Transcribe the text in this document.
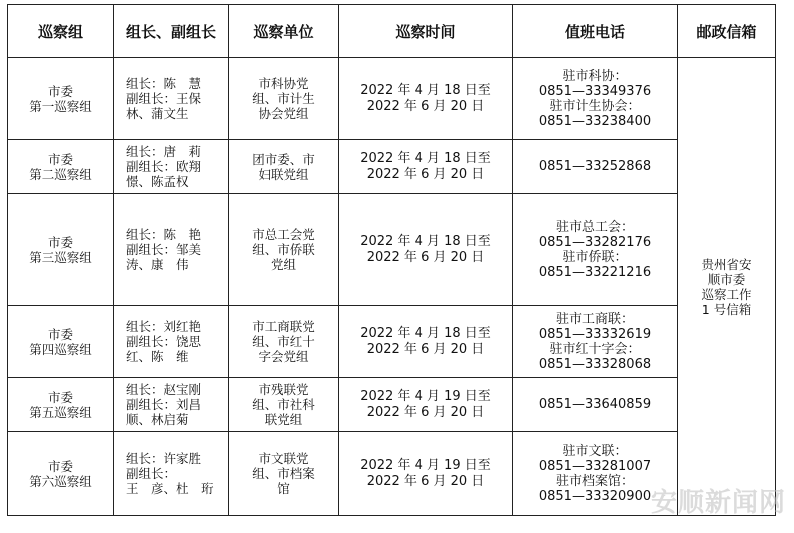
巡察组	组长、副组长	巡察单位	巡察时间	值班电话	邮政信箱

市委
第一巡察组	组长：陈　慧
副组长：王保
林、蒲文生	市科协党
组、市计生
协会党组	2022 年 4 月 18 日至
2022 年 6 月 20 日	驻市科协：
0851—33349376
驻市计生协会：
0851—33238400	贵州省安
顺市委
巡察工作
1 号信箱

市委
第二巡察组	组长：唐　莉
副组长：欧翔
憬、陈孟权	团市委、市
妇联党组	2022 年 4 月 18 日至
2022 年 6 月 20 日	0851—33252868	

市委
第三巡察组	组长：陈　艳
副组长：邹美
涛、康　伟	市总工会党
组、市侨联
党组	2022 年 4 月 18 日至
2022 年 6 月 20 日	驻市总工会：
0851—33282176
驻市侨联：
0851—33221216	

市委
第四巡察组	组长：刘红艳
副组长：饶思
红、陈　维	市工商联党
组、市红十
字会党组	2022 年 4 月 18 日至
2022 年 6 月 20 日	驻市工商联：
0851—33332619
驻市红十字会：
0851—33328068	

市委
第五巡察组	组长：赵宝刚
副组长：刘昌
顺、林启菊	市残联党
组、市社科
联党组	2022 年 4 月 19 日至
2022 年 6 月 20 日	0851—33640859	

市委
第六巡察组	组长：许家胜
副组长：
王　彦、杜　珩	市文联党
组、市档案
馆	2022 年 4 月 19 日至
2022 年 6 月 20 日	驻市文联：
0851—33281007
驻市档案馆：
0851—33320900	安顺新闻网
